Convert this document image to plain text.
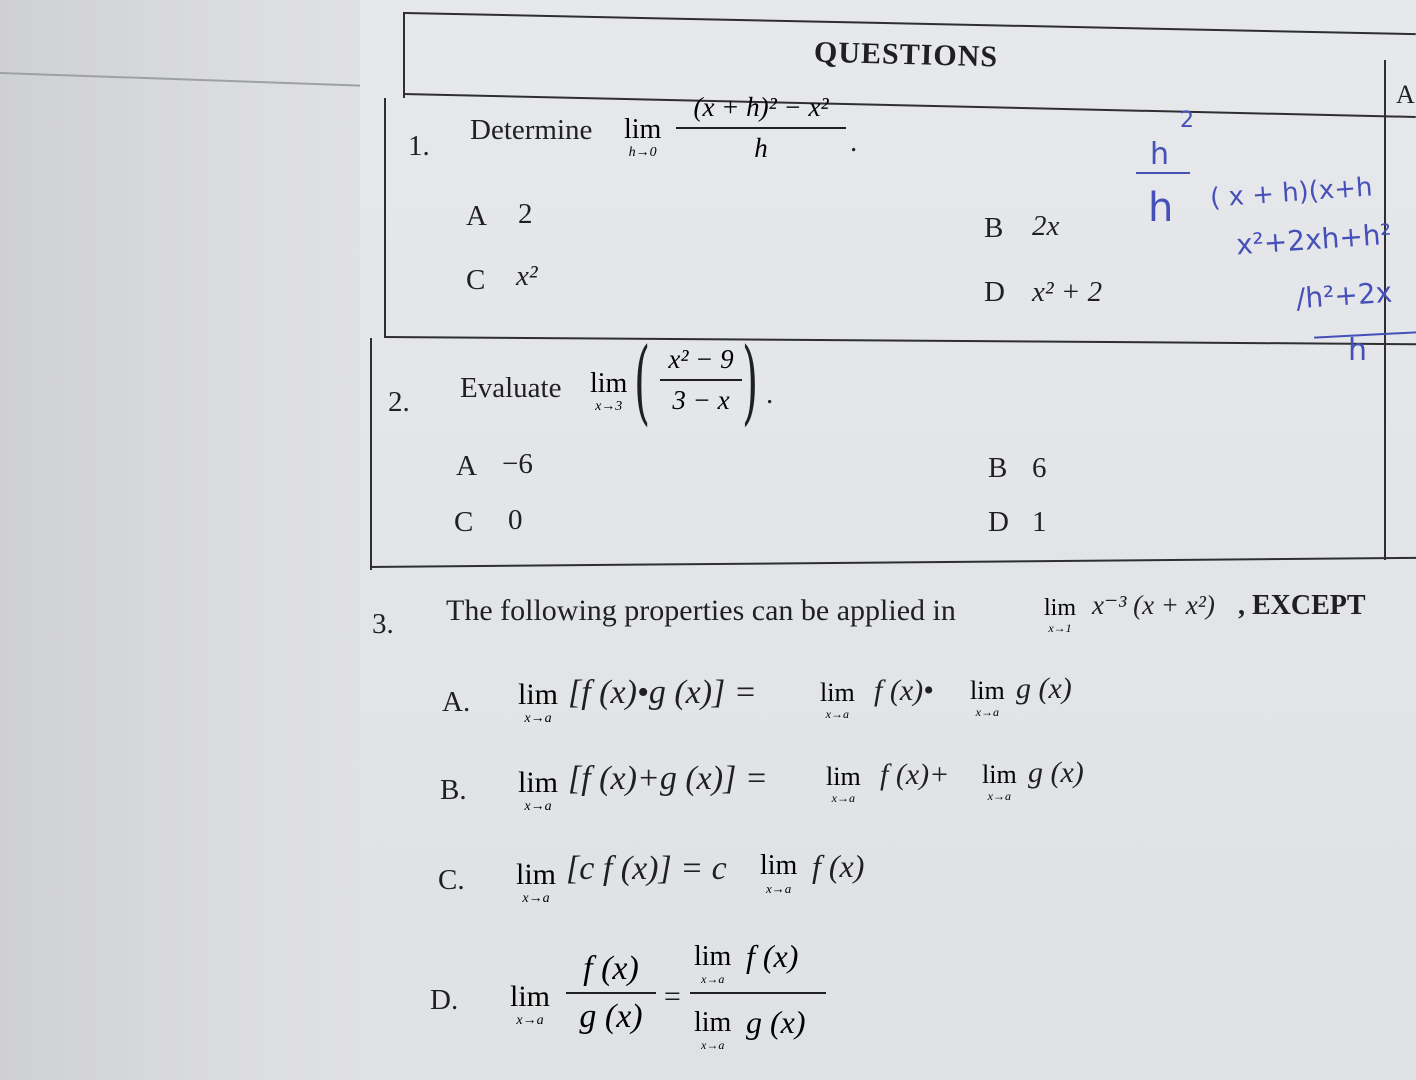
QUESTIONS
A
1. Determine lim
h→0
(x + h)² − x²
h	.
A 2	B 2x
C x²	D x² + 2
2. Evaluate lim
x→3 ( x² − 9
3 − x ) .
A −6	B 6
C 0	D 1
3. The following properties can be applied in	lim
x→1
x⁻³ (x + x²) , EXCEPT
A. lim
x→a
[f (x)•g (x)] = lim
x→a
f (x)• lim
x→a
g (x)
B. lim
x→a
[f (x)+g (x)] = lim
x→a
f (x)+ lim
x→a
g (x)
C. lim
x→a
[c f (x)] = c lim
x→a
f (x)
D. lim
x→a
f (x)
g (x)
=
lim
x→a
f (x)
lim
x→a
g (x)
2
h
h ( x + h)(x+h
x²+2xh+h²
/h²+2x
h
